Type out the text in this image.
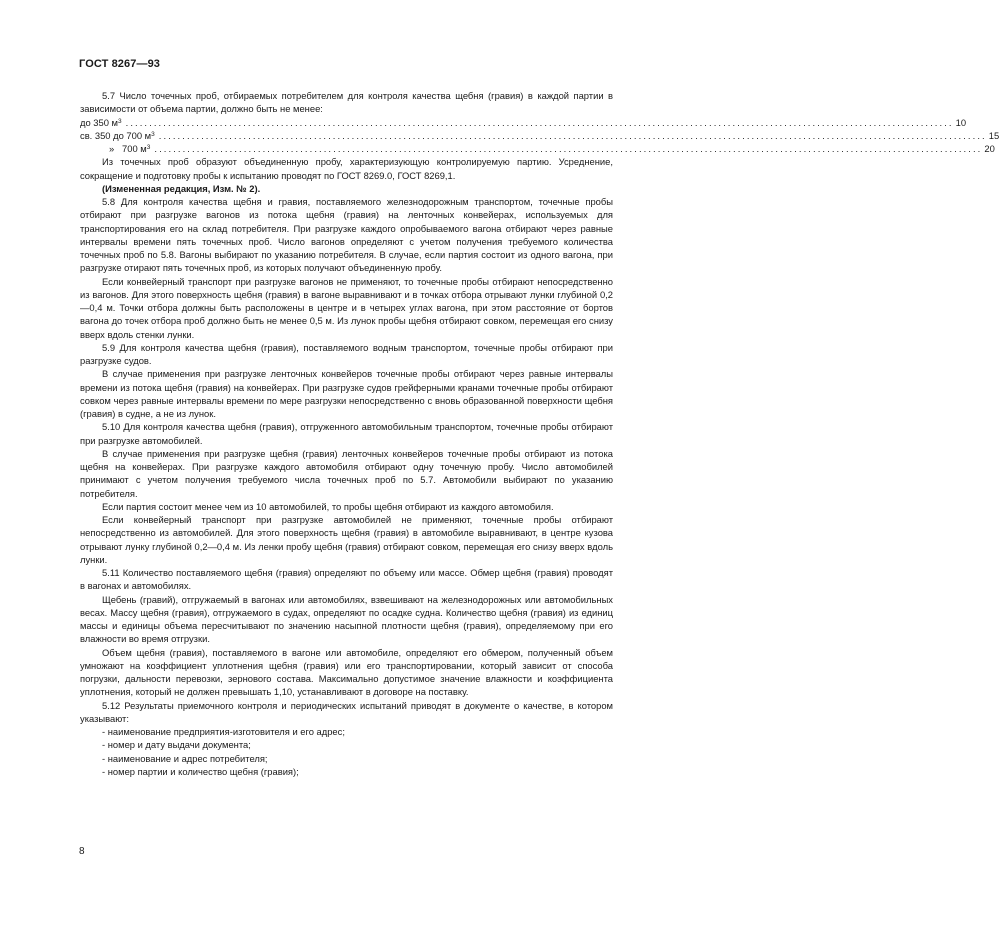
ГОСТ 8267—93

5.7 Число точечных проб, отбираемых потребителем для контроля качества щебня (гравия) в каждой партии в зависимости от объема партии, должно быть не менее:

до 350 $м^3$ ................................................................................................................................................................................ 10
св. 350 до 700 $м^3$ ................................................................................................................................................................................ 15
»   700 $м^3$ ................................................................................................................................................................................ 20

Из точечных проб образуют объединенную пробу, характеризующую контролируемую партию. Усреднение, сокращение и подготовку пробы к испытанию проводят по ГОСТ 8269.0, ГОСТ 8269,1.

(Измененная редакция, Изм. № 2).

5.8 Для контроля качества щебня и гравия, поставляемого железнодорожным транспортом, точечные пробы отбирают при разгрузке вагонов из потока щебня (гравия) на ленточных конвейерах, используемых для транспортирования его на склад потребителя. При разгрузке каждого опробываемого вагона отбирают через равные интервалы времени пять точечных проб. Число вагонов определяют с учетом получения требуемого количества точечных проб по 5.8. Вагоны выбирают по указанию потребителя. В случае, если партия состоит из одного вагона, при разгрузке отирают пять точечных проб, из которых получают объединенную пробу.

Если конвейерный транспорт при разгрузке вагонов не применяют, то точечные пробы отбирают непосредственно из вагонов. Для этого поверхность щебня (гравия) в вагоне выравнивают и в точках отбора отрывают лунки глубиной 0,2—0,4 м. Точки отбора должны быть расположены в центре и в четырех углах вагона, при этом расстояние от бортов вагона до точек отбора проб должно быть не менее 0,5 м. Из лунок пробы щебня отбирают совком, перемещая его снизу вверх вдоль стенки лунки.

5.9 Для контроля качества щебня (гравия), поставляемого водным транспортом, точечные пробы отбирают при разгрузке судов.

В случае применения при разгрузке ленточных конвейеров точечные пробы отбирают через равные интервалы времени из потока щебня (гравия) на конвейерах. При разгрузке судов грейферными кранами точечные пробы отбирают совком через равные интервалы времени по мере разгрузки непосредственно с вновь образованной поверхности щебня (гравия) в судне, а не из лунок.

5.10 Для контроля качества щебня (гравия), отгруженного автомобильным транспортом, точечные пробы отбирают при разгрузке автомобилей.

В случае применения при разгрузке щебня (гравия) ленточных конвейеров точечные пробы отбирают из потока щебня на конвейерах. При разгрузке каждого автомобиля отбирают одну точечную пробу. Число автомобилей принимают с учетом получения требуемого числа точечных проб по 5.7. Автомобили выбирают по указанию потребителя.

Если партия состоит менее чем из 10 автомобилей, то пробы щебня отбирают из каждого автомобиля.

Если конвейерный транспорт при разгрузке автомобилей не применяют, точечные пробы отбирают непосредственно из автомобилей. Для этого поверхность щебня (гравия) в автомобиле выравнивают, в центре кузова отрывают лунку глубиной 0,2—0,4 м. Из ленки пробу щебня (гравия) отбирают совком, перемещая его снизу вверх вдоль лунки.

5.11 Количество поставляемого щебня (гравия) определяют по объему или массе. Обмер щебня (гравия) проводят в вагонах и автомобилях.

Щебень (гравий), отгружаемый в вагонах или автомобилях, взвешивают на железнодорожных или автомобильных весах. Массу щебня (гравия), отгружаемого в судах, определяют по осадке судна. Количество щебня (гравия) из единиц массы и единицы объема пересчитывают по значению насыпной плотности щебня (гравия), определяемому при его влажности во время отгрузки.

Объем щебня (гравия), поставляемого в вагоне или автомобиле, определяют его обмером, полученный объем умножают на коэффициент уплотнения щебня (гравия) или его транспортировании, который зависит от способа погрузки, дальности перевозки, зернового состава. Максимально допустимое значение влажности и коэффициента уплотнения, который не должен превышать 1,10, устанавливают в договоре на поставку.

5.12 Результаты приемочного контроля и периодических испытаний приводят в документе о качестве, в котором указывают:

- наименование предприятия-изготовителя и его адрес;
- номер и дату выдачи документа;
- наименование и адрес потребителя;
- номер партии и количество щебня (гравия);
8
